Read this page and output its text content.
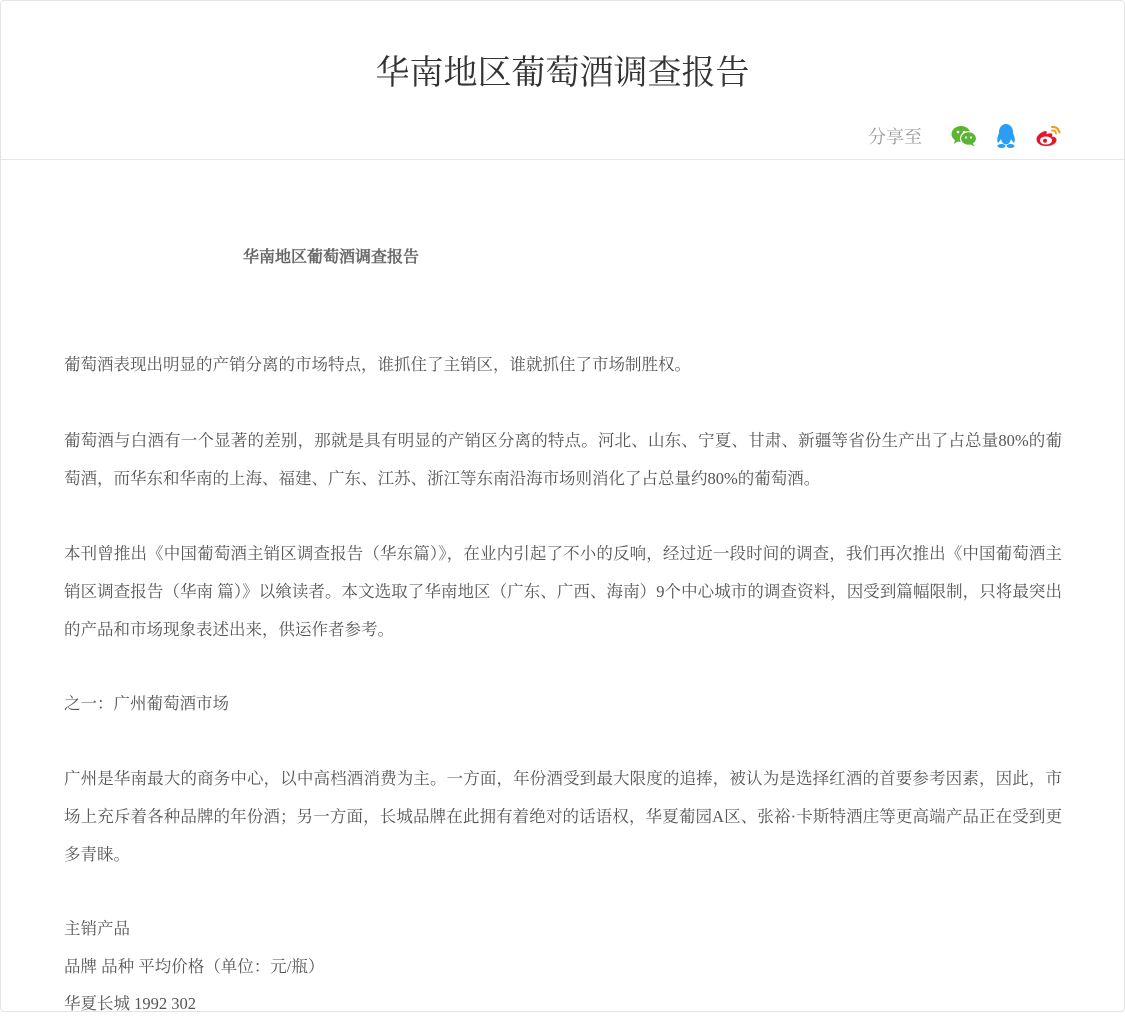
华南地区葡萄酒调查报告
分享至

华南地区葡萄酒调查报告

葡萄酒表现出明显的产销分离的市场特点，谁抓住了主销区，谁就抓住了市场制胜权。

葡萄酒与白酒有一个显著的差别，那就是具有明显的产销区分离的特点。河北、山东、宁夏、甘肃、新疆等省份生产出了占总量80%的葡萄酒，而华东和华南的上海、福建、广东、江苏、浙江等东南沿海市场则消化了占总量约80%的葡萄酒。

本刊曾推出《中国葡萄酒主销区调查报告（华东篇）》，在业内引起了不小的反响，经过近一段时间的调查，我们再次推出《中国葡萄酒主销区调查报告（华南 篇）》以飨读者。本文选取了华南地区（广东、广西、海南）9个中心城市的调查资料，因受到篇幅限制，只将最突出的产品和市场现象表述出来，供运作者参考。

之一：广州葡萄酒市场

广州是华南最大的商务中心，以中高档酒消费为主。一方面，年份酒受到最大限度的追捧，被认为是选择红酒的首要参考因素，因此，市场上充斥着各种品牌的年份酒；另一方面，长城品牌在此拥有着绝对的话语权，华夏葡园A区、张裕·卡斯特酒庄等更高端产品正在受到更多青睐。

主销产品

品牌 品种 平均价格（单位：元/瓶）

华夏长城 1992 302
